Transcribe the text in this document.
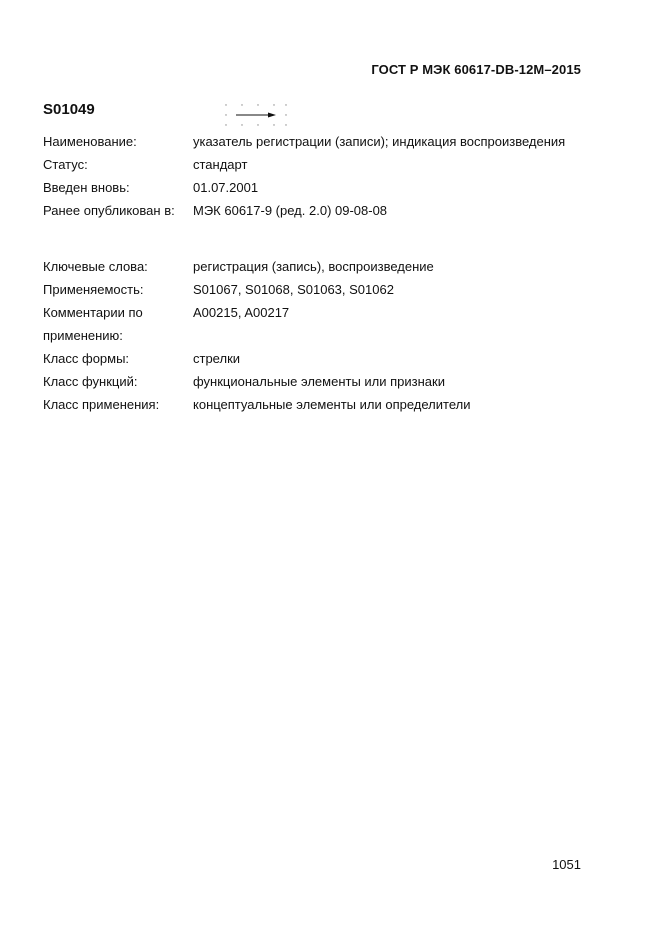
ГОСТ Р МЭК 60617-DB-12M–2015
S01049
Наименование:	указатель регистрации (записи); индикация воспроизведения
Статус:	стандарт
Введен вновь:	01.07.2001
Ранее опубликован в:	МЭК 60617-9 (ред. 2.0) 09-08-08
Ключевые слова:	регистрация (запись), воспроизведение
Применяемость:	S01067, S01068, S01063, S01062
Комментарии по применению:
A00215, A00217
Класс формы:	стрелки
Класс функций:	функциональные элементы или признаки
Класс применения:	концептуальные элементы или определители
1051
